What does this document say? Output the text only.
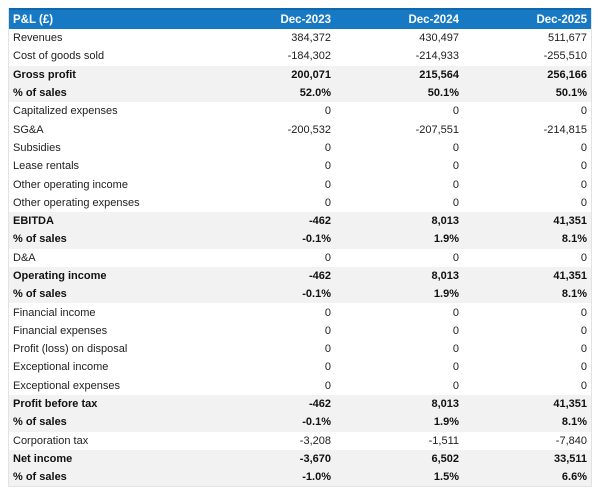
P&L (£)	Dec-2023	Dec-2024	Dec-2025
Revenues	384,372	430,497	511,677
Cost of goods sold	-184,302	-214,933	-255,510
Gross profit	200,071	215,564	256,166
% of sales	52.0%	50.1%	50.1%
Capitalized expenses	0	0	0
SG&A	-200,532	-207,551	-214,815
Subsidies	0	0	0
Lease rentals	0	0	0
Other operating income	0	0	0
Other operating expenses	0	0	0
EBITDA	-462	8,013	41,351
% of sales	-0.1%	1.9%	8.1%
D&A	0	0	0
Operating income	-462	8,013	41,351
% of sales	-0.1%	1.9%	8.1%
Financial income	0	0	0
Financial expenses	0	0	0
Profit (loss) on disposal	0	0	0
Exceptional income	0	0	0
Exceptional expenses	0	0	0
Profit before tax	-462	8,013	41,351
% of sales	-0.1%	1.9%	8.1%
Corporation tax	-3,208	-1,511	-7,840
Net income	-3,670	6,502	33,511
% of sales	-1.0%	1.5%	6.6%
